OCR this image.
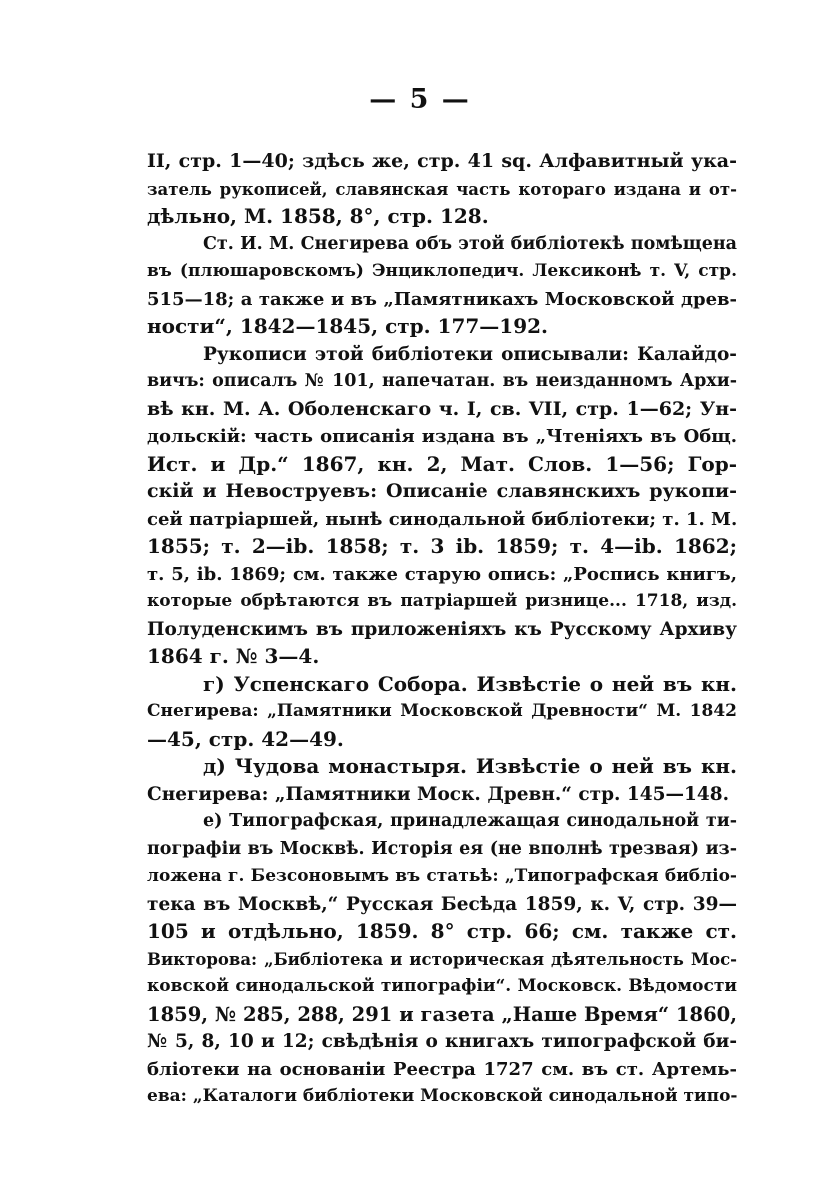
— 5 —
II, стр. 1—40; здѣсь же, стр. 41 sq. Алфавитный ука-
затель рукописей, славянская часть котораго издана и от-
дѣльно, М. 1858, 8°, стр. 128.
Ст. И. М. Снегирева объ этой библiотекѣ помѣщена
въ (плюшаровскомъ) Энциклопедич. Лексиконѣ т. V, стр.
515—18; а также и въ „Памятникахъ Московской древ-
ности“, 1842—1845, стр. 177—192.
Рукописи этой библiотеки описывали: Калайдо-
вичъ: описалъ № 101, напечатан. въ неизданномъ Архи-
вѣ кн. М. А. Оболенскаго ч. I, св. VII, стр. 1—62; Ун-
дольскiй: часть описанiя издана въ „Чтенiяхъ въ Общ.
Ист. и Др.“ 1867, кн. 2, Мат. Слов. 1—56; Гор-
скiй и Невоструевъ: Описанiе славянскихъ рукопи-
сей патрiаршей, нынѣ синодальной библiотеки; т. 1. М.
1855; т. 2—ib. 1858; т. 3 ib. 1859; т. 4—ib. 1862;
т. 5, ib. 1869; см. также старую опись: „Роспись книгъ,
которые обрѣтаются въ патрiаршей ризнице... 1718, изд.
Полуденскимъ въ приложенiяхъ къ Русскому Архиву
1864 г. № 3—4.
г) Успенскаго Собора. Извѣстiе о ней въ кн.
Снегирева: „Памятники Московской Древности“ М. 1842
—45, стр. 42—49.
д) Чудова монастыря. Извѣстiе о ней въ кн.
Снегирева: „Памятники Моск. Древн.“ стр. 145—148.
е) Типографская, принадлежащая синодальной ти-
пографiи въ Москвѣ. Исторiя ея (не вполнѣ трезвая) из-
ложена г. Безсоновымъ въ статьѣ: „Типографская библiо-
тека въ Москвѣ,“ Русская Бесѣда 1859, к. V, стр. 39—
105 и отдѣльно, 1859. 8° стр. 66; см. также ст.
Викторова: „Библiотека и историческая дѣятельность Мос-
ковской синодальской типографiи“. Московск. Вѣдомости
1859, № 285, 288, 291 и газета „Наше Время“ 1860,
№ 5, 8, 10 и 12; свѣдѣнiя о книгахъ типографской би-
блiотеки на основанiи Реестра 1727 см. въ ст. Артемь-
ева: „Каталоги библiотеки Московской синодальной типо-
